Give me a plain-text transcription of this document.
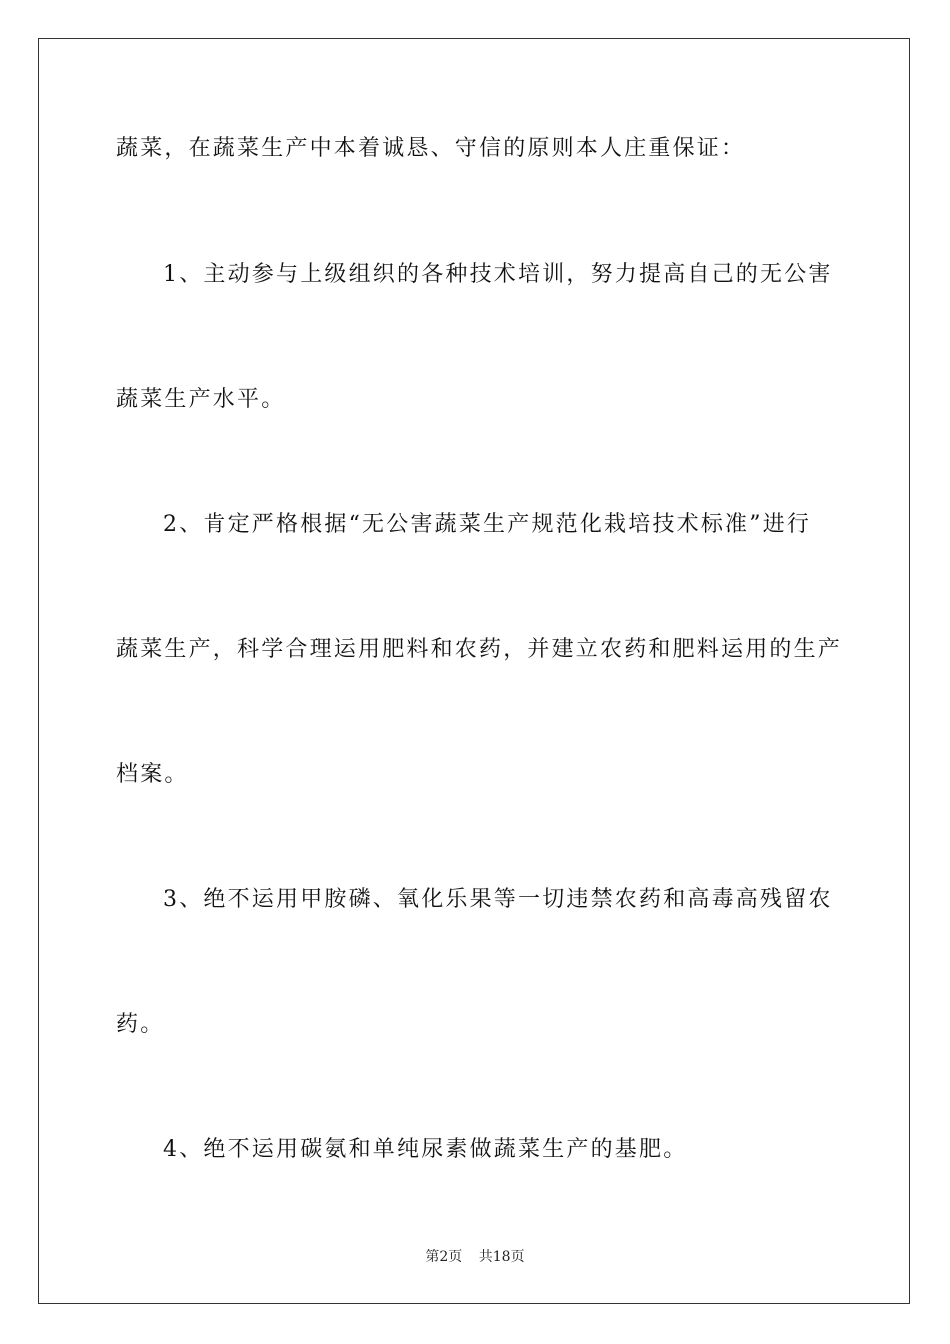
蔬菜，在蔬菜生产中本着诚恳、守信的原则本人庄重保证：
1、主动参与上级组织的各种技术培训，努力提高自己的无公害
蔬菜生产水平。
2、肯定严格根据“无公害蔬菜生产规范化栽培技术标准”进行
蔬菜生产，科学合理运用肥料和农药，并建立农药和肥料运用的生产
档案。
3、绝不运用甲胺磷、氧化乐果等一切违禁农药和高毒高残留农
药。
4、绝不运用碳氨和单纯尿素做蔬菜生产的基肥。
第2页 共18页
